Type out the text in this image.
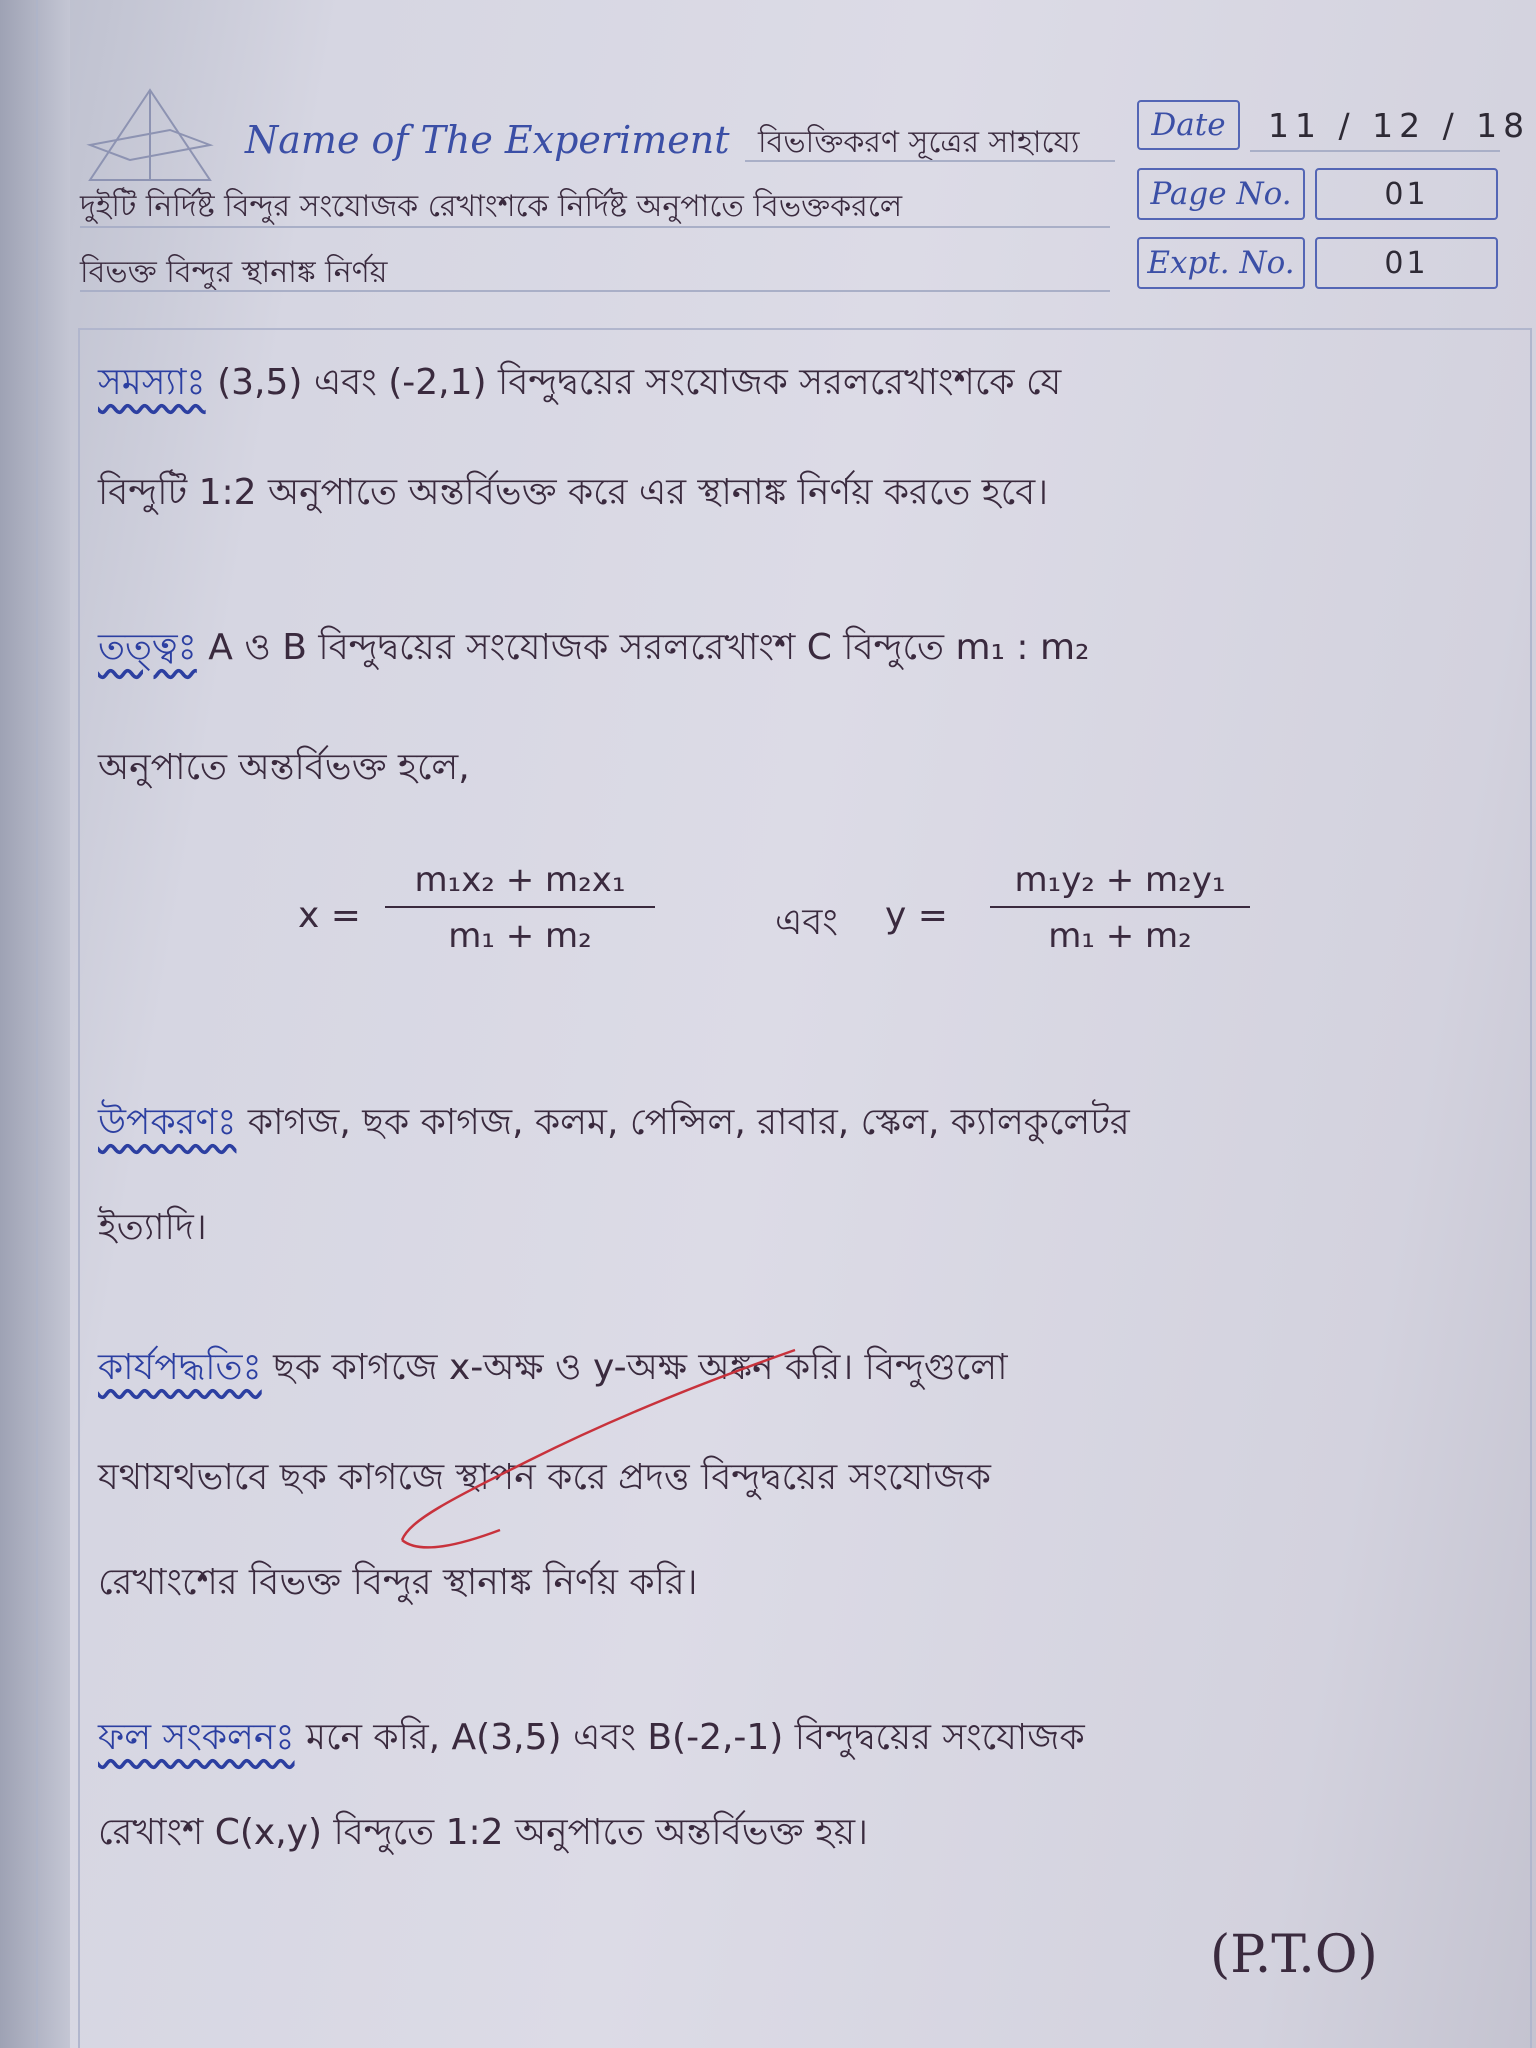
Name of The Experiment বিভক্তিকরণ সূত্রের সাহায্যে
দুইটি নির্দিষ্ট বিন্দুর সংযোজক রেখাংশকে নির্দিষ্ট অনুপাতে বিভক্তকরলে
বিভক্ত বিন্দুর স্থানাঙ্ক নির্ণয়
Date	11 / 12 / 18
Page No.	01
Expt. No.	01
সমস্যাঃ (3,5) এবং (-2,1) বিন্দুদ্বয়ের সংযোজক সরলরেখাংশকে যে
বিন্দুটি 1:2 অনুপাতে অন্তর্বিভক্ত করে এর স্থানাঙ্ক নির্ণয় করতে হবে।
তত্ত্বঃ A ও B বিন্দুদ্বয়ের সংযোজক সরলরেখাংশ C বিন্দুতে m₁ : m₂
অনুপাতে অন্তর্বিভক্ত হলে,
x =
m₁x₂ + m₂x₁
m₁ + m₂	এবং y =
m₁y₂ + m₂y₁
m₁ + m₂
উপকরণঃ কাগজ, ছক কাগজ, কলম, পেন্সিল, রাবার, স্কেল, ক্যালকুলেটর
ইত্যাদি।
কার্যপদ্ধতিঃ ছক কাগজে x-অক্ষ ও y-অক্ষ অঙ্কন করি। বিন্দুগুলো
যথাযথভাবে ছক কাগজে স্থাপন করে প্রদত্ত বিন্দুদ্বয়ের সংযোজক
রেখাংশের বিভক্ত বিন্দুর স্থানাঙ্ক নির্ণয় করি।
ফল সংকলনঃ মনে করি, A(3,5) এবং B(-2,-1) বিন্দুদ্বয়ের সংযোজক
রেখাংশ C(x,y) বিন্দুতে 1:2 অনুপাতে অন্তর্বিভক্ত হয়।
(P.T.O)
